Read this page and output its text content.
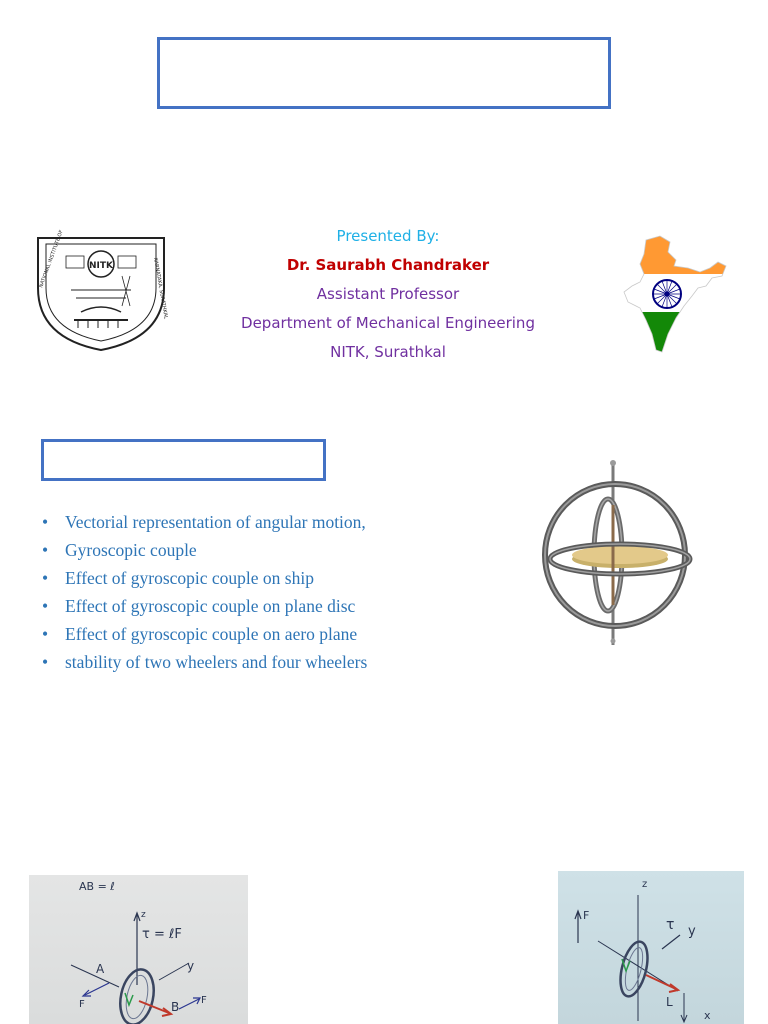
NITK	KARNATAKA, SURATHKAL
Presented By:
Dr. Saurabh Chandraker
Assistant Professor
Department of Mechanical Engineering
NITK, Surathkal
• Vectorial representation of angular motion,
• Gyroscopic couple
• Effect of gyroscopic couple on ship
• Effect of gyroscopic couple on plane disc
• Effect of gyroscopic couple on aero plane
• stability of two wheelers and four wheelers
AB = ℓ
z
τ = ℓF
y
A
F	B F
z
F
τ y
L
x
